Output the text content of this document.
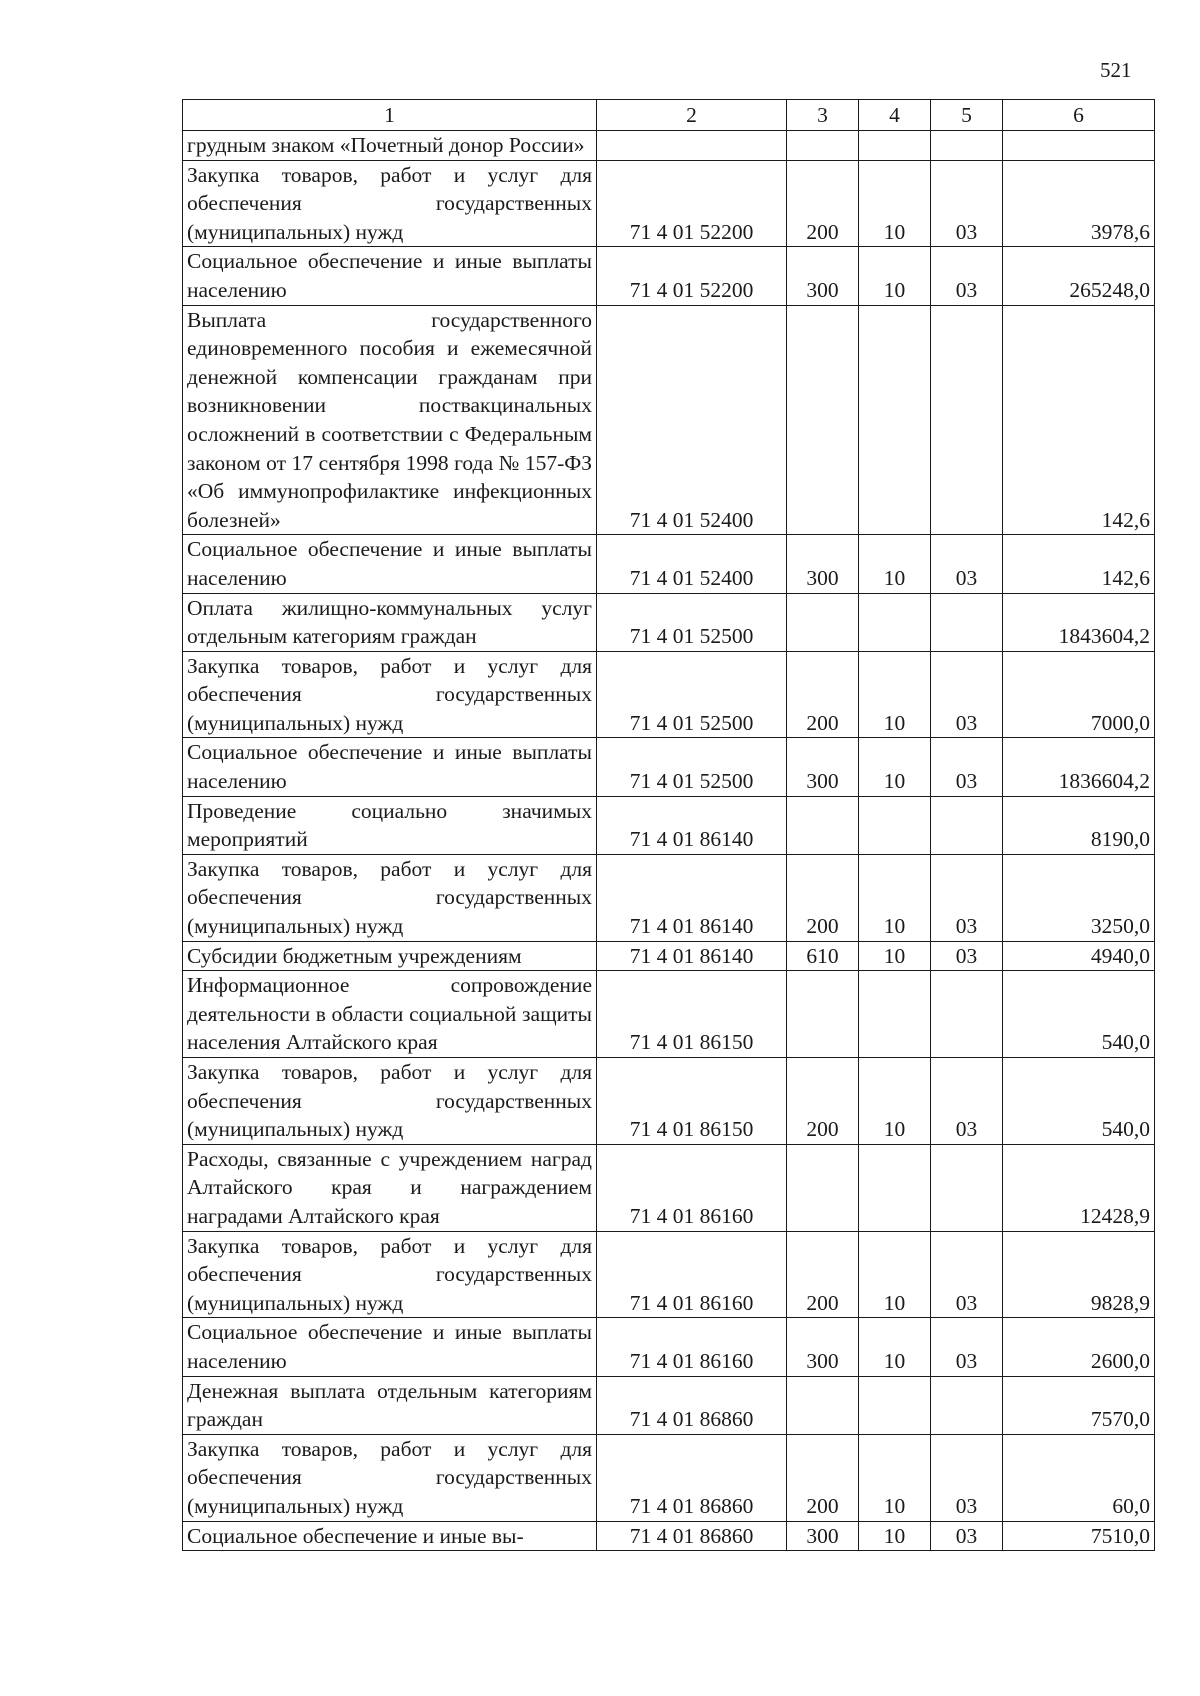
521
1	2	3	4	5	6
грудным знаком «Почетный донор России»					
Закупка товаров, работ и услуг для обеспечения государственных (муниципальных) нужд	71 4 01 52200	200	10	03	3978,6
Социальное обеспечение и иные выплаты населению	71 4 01 52200	300	10	03	265248,0
Выплата государственного единовременного пособия и ежемесячной денежной компенсации гражданам при возникновении поствакцинальных осложнений в соответствии с Федеральным законом от 17 сентября 1998 года № 157-ФЗ «Об иммунопрофилактике инфекционных болезней»	71 4 01 52400				142,6
Социальное обеспечение и иные выплаты населению	71 4 01 52400	300	10	03	142,6
Оплата жилищно-коммунальных услуг отдельным категориям граждан	71 4 01 52500				1843604,2
Закупка товаров, работ и услуг для обеспечения государственных (муниципальных) нужд	71 4 01 52500	200	10	03	7000,0
Социальное обеспечение и иные выплаты населению	71 4 01 52500	300	10	03	1836604,2
Проведение социально значимых мероприятий	71 4 01 86140				8190,0
Закупка товаров, работ и услуг для обеспечения государственных (муниципальных) нужд	71 4 01 86140	200	10	03	3250,0
Субсидии бюджетным учреждениям	71 4 01 86140	610	10	03	4940,0
Информационное сопровождение деятельности в области социальной защиты населения Алтайского края	71 4 01 86150				540,0
Закупка товаров, работ и услуг для обеспечения государственных (муниципальных) нужд	71 4 01 86150	200	10	03	540,0
Расходы, связанные с учреждением наград Алтайского края и награждением наградами Алтайского края	71 4 01 86160				12428,9
Закупка товаров, работ и услуг для обеспечения государственных (муниципальных) нужд	71 4 01 86160	200	10	03	9828,9
Социальное обеспечение и иные выплаты населению	71 4 01 86160	300	10	03	2600,0
Денежная выплата отдельным категориям граждан	71 4 01 86860				7570,0
Закупка товаров, работ и услуг для обеспечения государственных (муниципальных) нужд	71 4 01 86860	200	10	03	60,0
Социальное обеспечение и иные вы-	71 4 01 86860	300	10	03	7510,0
